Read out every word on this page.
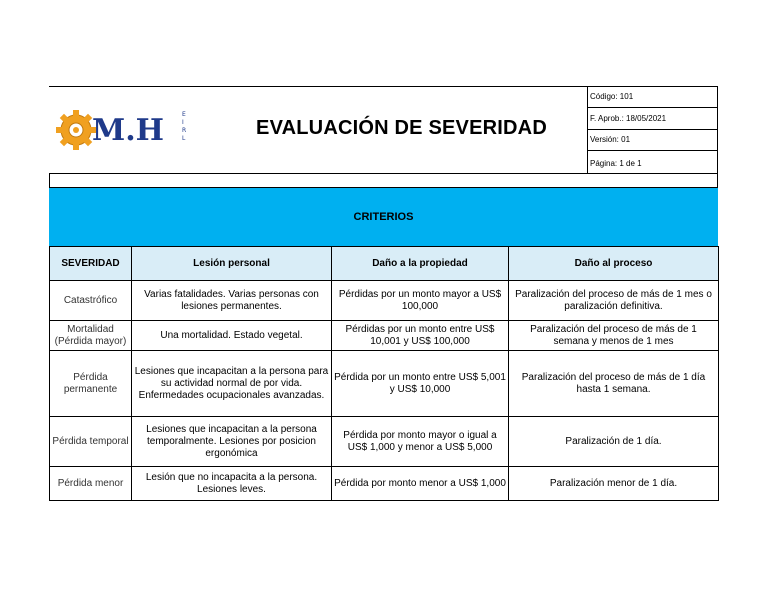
M.H	E I R L	EVALUACIÓN DE SEVERIDAD
Código: 101
F. Aprob.: 18/05/2021
Versión: 01
Página: 1 de 1
CRITERIOS
SEVERIDAD	Lesión personal	Daño a la propiedad	Daño al proceso
Catastrófico	Varias fatalidades. Varias personas con lesiones permanentes.	Pérdidas por un monto mayor a US$ 100,000	Paralización del proceso de más de 1 mes o paralización definitiva.
Mortalidad (Pérdida mayor)	Una mortalidad. Estado vegetal.	Pérdidas por un monto entre US$ 10,001 y US$ 100,000	Paralización del proceso de más de 1 semana y menos de 1 mes
Pérdida permanente	Lesiones que incapacitan a la persona para su actividad normal de por vida. Enfermedades ocupacionales avanzadas.	Pérdida por un monto entre US$ 5,001 y US$ 10,000	Paralización del proceso de más de 1 día hasta 1 semana.
Pérdida temporal	Lesiones que incapacitan a la persona temporalmente. Lesiones por posicion ergonómica	Pérdida por monto mayor o igual a US$ 1,000 y menor a US$ 5,000	Paralización de 1 día.
Pérdida menor	Lesión que no incapacita a la persona. Lesiones leves.	Pérdida por monto menor a US$ 1,000	Paralización menor de 1 día.
